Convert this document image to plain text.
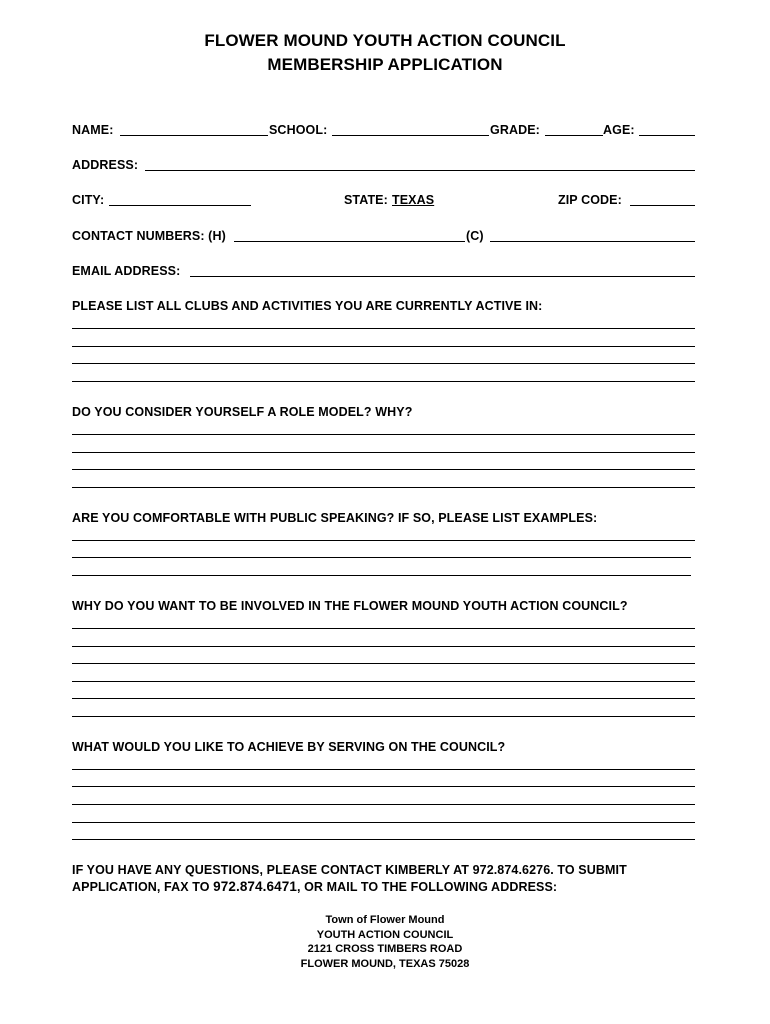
FLOWER MOUND YOUTH ACTION COUNCIL
MEMBERSHIP APPLICATION
NAME:	SCHOOL:	GRADE:	AGE:
ADDRESS:
CITY:	STATE: TEXAS	ZIP CODE:
CONTACT NUMBERS: (H)	(C)
EMAIL ADDRESS:
PLEASE LIST ALL CLUBS AND ACTIVITIES YOU ARE CURRENTLY ACTIVE IN:
DO YOU CONSIDER YOURSELF A ROLE MODEL? WHY?
ARE YOU COMFORTABLE WITH PUBLIC SPEAKING? IF SO, PLEASE LIST EXAMPLES:
WHY DO YOU WANT TO BE INVOLVED IN THE FLOWER MOUND YOUTH ACTION COUNCIL?
WHAT WOULD YOU LIKE TO ACHIEVE BY SERVING ON THE COUNCIL?
IF YOU HAVE ANY QUESTIONS, PLEASE CONTACT KIMBERLY AT 972.874.6276. TO SUBMIT
APPLICATION, FAX TO 972.874.6471, OR MAIL TO THE FOLLOWING ADDRESS:
Town of Flower Mound
YOUTH ACTION COUNCIL
2121 CROSS TIMBERS ROAD
FLOWER MOUND, TEXAS 75028
